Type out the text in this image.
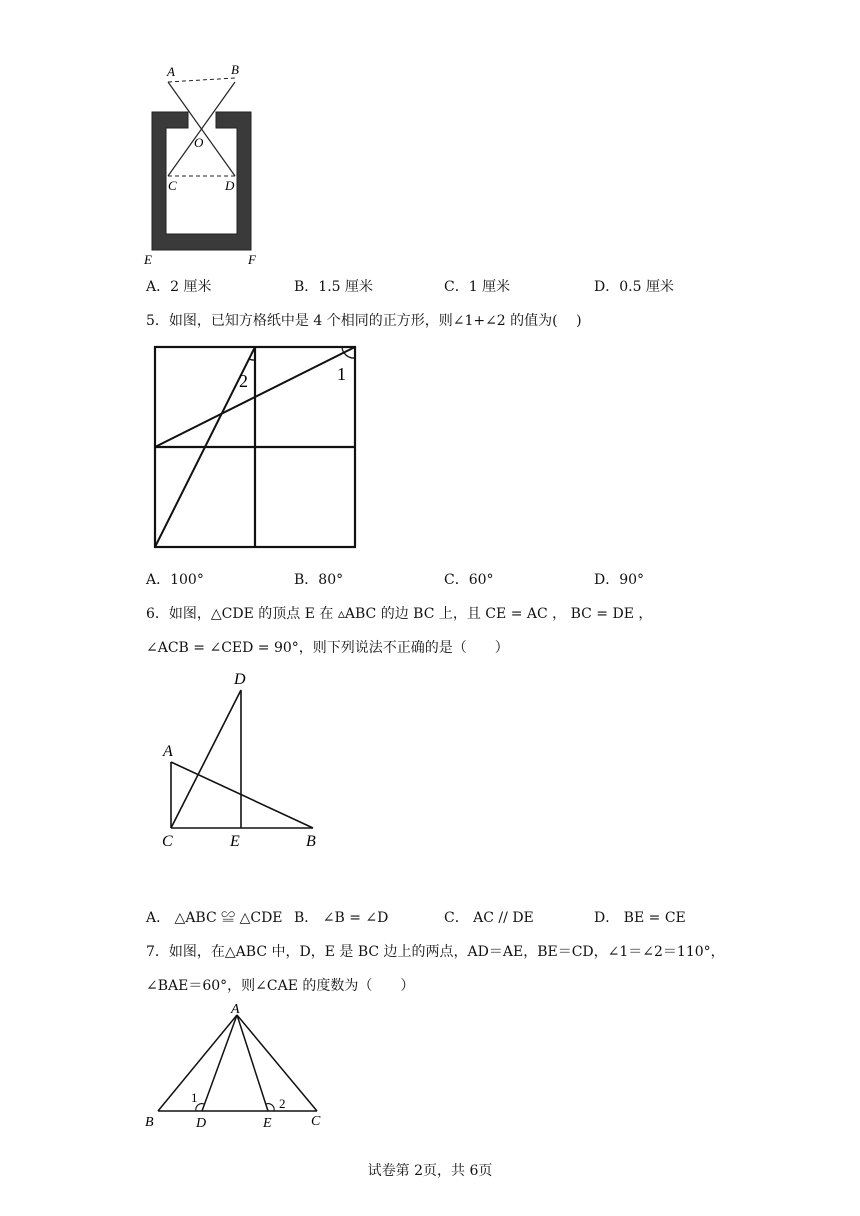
A	B
O
C	D
E	F
A．2 厘米	B．1.5 厘米	C．1 厘米	D．0.5 厘米
5．如图，已知方格纸中是 4 个相同的正方形，则∠1+∠2 的值为(　 )
1
2
A．100°	B．80°	C．60°	D．90°
6．如图，△CDE 的顶点 E 在 ▵ABC 的边 BC 上，且 CE = AC ， BC = DE ，
∠ACB = ∠CED = 90°，则下列说法不正确的是（　　）
D
A
C	E	B
A． △ABC ≌ △CDE B． ∠B = ∠D	C． AC // DE	D． BE = CE
7．如图，在△ABC 中，D，E 是 BC 边上的两点，AD＝AE，BE＝CD，∠1＝∠2＝110°，
∠BAE＝60°，则∠CAE 的度数为（　　）
A
B	D	E	C
1	2
试卷第 2页，共 6页
